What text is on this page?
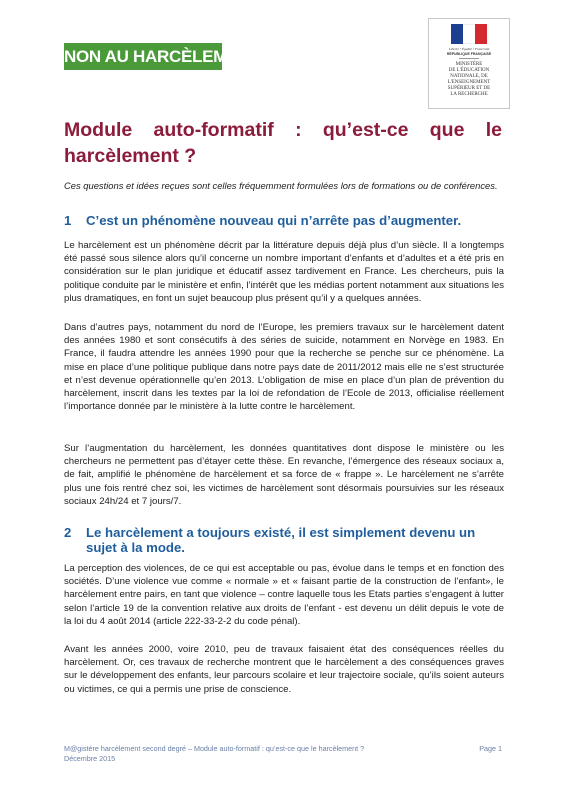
NON AU HARCÈLEMENT	Liberté • Égalité • Fraternité
RÉPUBLIQUE FRANÇAISE
MINISTÈRE
DE L'ÉDUCATION
NATIONALE, DE
L'ENSEIGNEMENT
SUPÉRIEUR ET DE
LA RECHERCHE
Module auto-formatif : qu’est-ce que le harcèlement ?
Ces questions et idées reçues sont celles fréquemment formulées lors de formations ou de conférences.
1 C’est un phénomène nouveau qui n’arrête pas d’augmenter.
Le harcèlement est un phénomène décrit par la littérature depuis déjà plus d’un siècle. Il a longtemps été passé sous silence alors qu’il concerne un nombre important d’enfants et d’adultes et a été pris en considération sur le plan juridique et éducatif assez tardivement en France. Les chercheurs, puis la politique conduite par le ministère et enfin, l’intérêt que les médias portent notamment aux situations les plus dramatiques, en font un sujet beaucoup plus présent qu’il y a quelques années.
Dans d’autres pays, notamment du nord de l’Europe, les premiers travaux sur le harcèlement datent des années 1980 et sont consécutifs à des séries de suicide, notamment en Norvège en 1983. En France, il faudra attendre les années 1990 pour que la recherche se penche sur ce phénomène. La mise en place d’une politique publique dans notre pays date de 2011/2012 mais elle ne s’est structurée et n’est devenue opérationnelle qu’en 2013. L’obligation de mise en place d’un plan de prévention du harcèlement, inscrit dans les textes par la loi de refondation de l’Ecole de 2013, officialise réellement l’importance donnée par le ministère à la lutte contre le harcèlement.
Sur l’augmentation du harcèlement, les données quantitatives dont dispose le ministère ou les chercheurs ne permettent pas d’étayer cette thèse. En revanche, l’émergence des réseaux sociaux a, de fait, amplifié le phénomène de harcèlement et sa force de « frappe ». Le harcèlement ne s’arrête plus une fois rentré chez soi, les victimes de harcèlement sont désormais poursuivies sur les réseaux sociaux 24h/24 et 7 jours/7.
2 Le harcèlement a toujours existé, il est simplement devenu un sujet à la mode.
La perception des violences, de ce qui est acceptable ou pas, évolue dans le temps et en fonction des sociétés. D’une violence vue comme « normale » et « faisant partie de la construction de l’enfant», le harcèlement entre pairs, en tant que violence – contre laquelle tous les Etats parties s’engagent à lutter selon l’article 19 de la convention relative aux droits de l’enfant - est devenu un délit depuis le vote de la loi du 4 août 2014 (article 222-33-2-2 du code pénal).
Avant les années 2000, voire 2010, peu de travaux faisaient état des conséquences réelles du harcèlement. Or, ces travaux de recherche montrent que le harcèlement a des conséquences graves sur le développement des enfants, leur parcours scolaire et leur trajectoire sociale, qu’ils soient auteurs ou victimes, ce qui a permis une prise de conscience.
M@gistère harcèlement second degré – Module auto-formatif : qu’est-ce que le harcèlement ?
Décembre 2015
Page 1
